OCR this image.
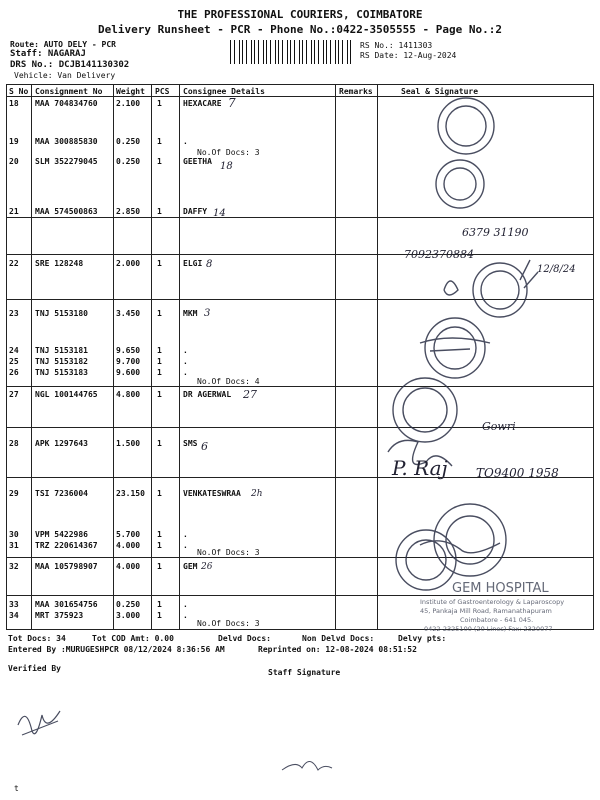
THE PROFESSIONAL COURIERS, COIMBATORE
Delivery Runsheet - PCR - Phone No.:0422-3505555 - Page No.:2
Route: AUTO DELY - PCR
Staff: NAGARAJ
DRS No.: DCJB141130302
Vehicle: Van Delivery
RS No.: 1411303
RS Date: 12-Aug-2024
S No Consignment No Weight PCS Consignee Details	Remarks	Seal & Signature
18 MAA 704834760 2.100 1	HEXACARE
19 MAA 300885830 0.250 1	.
20 SLM 352279045 0.250 1	GEETHA
21 MAA 574500863 2.850 1	DAFFY
22 SRE 128248	2.000 1	ELGI
23 TNJ 5153180	3.450 1	MKM
24 TNJ 5153181	9.650 1	.
25 TNJ 5153182	9.700 1	.
26 TNJ 5153183	9.600 1	.
27 NGL 100144765 4.800 1	DR AGERWAL
28 APK 1297643	1.500 1	SMS
29 TSI 7236004	23.150 1	VENKATESWRAA
30 VPM 5422986	5.700 1	.
31 TRZ 220614367 4.000 1	.
32 MAA 105798907 4.000 1	GEM
33 MAA 301654756 0.250 1	.
34 MRT 375923	3.000 1	.
No.Of Docs: 3
No.Of Docs: 4
No.Of Docs: 3
No.Of Docs: 3
GEM HOSPITAL
Institute of Gastroenterology & Laparoscopy
45, Pankaja Mill Road, Ramanathapuram
Coimbatore - 641 045.
0422-2325100 (20 Lines) Fax: 2320077
7
18
14
8
3
27
6
2h
26
6379 31190
7092370884
12/8/24
Gowri
P. Raj TO9400 1958
Tot Docs: 34	Tot COD Amt: 0.00	Delvd Docs:	Non Delvd Docs:	Delvy pts:
Entered By :MURUGESHPCR 08/12/2024 8:36:56 AM	Reprinted on: 12-08-2024 08:51:52
Verified By	Staff Signature
t
